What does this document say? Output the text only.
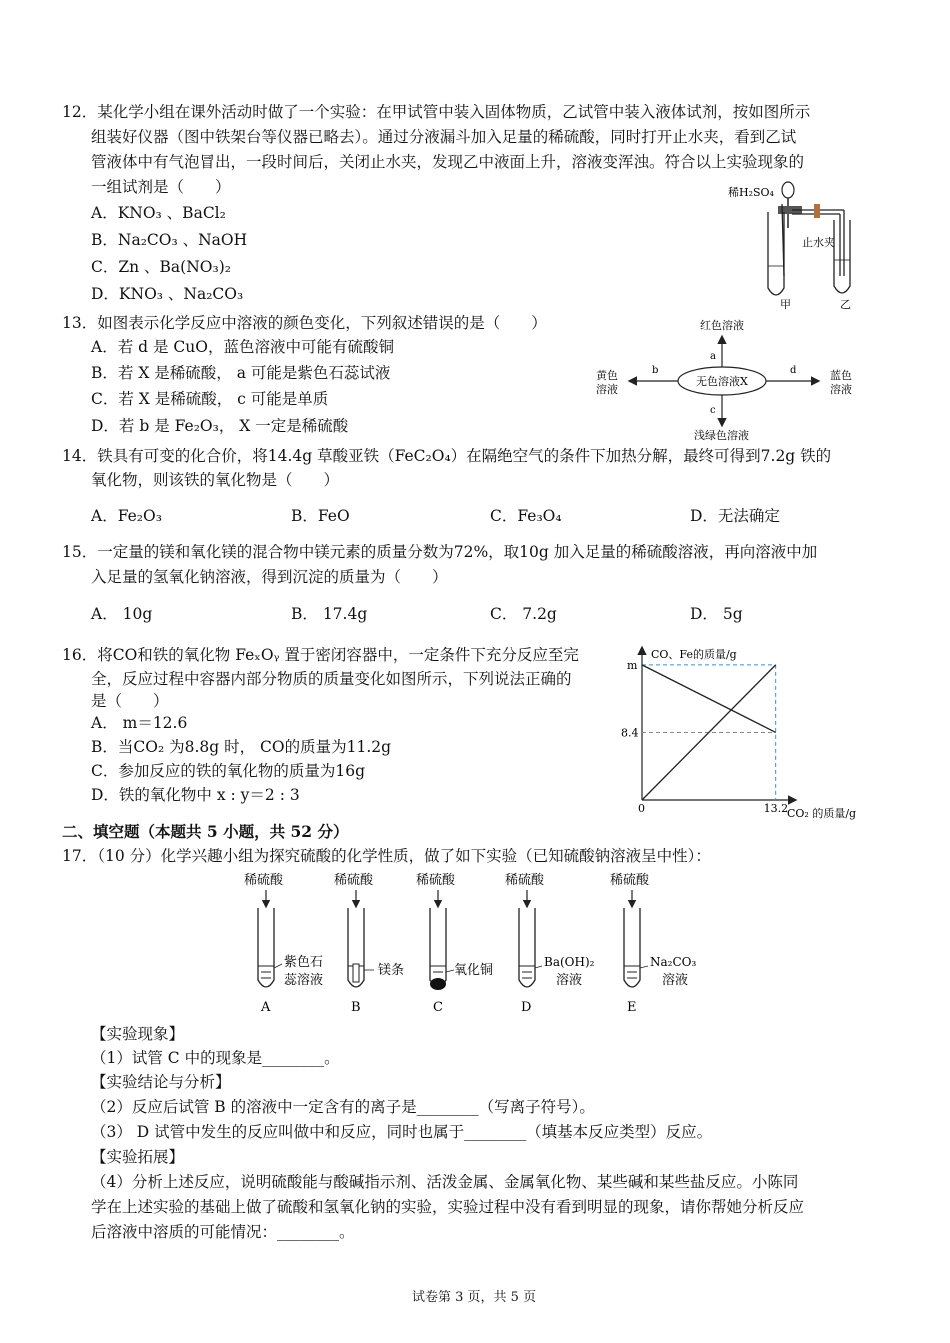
12．某化学小组在课外活动时做了一个实验：在甲试管中装入固体物质，乙试管中装入液体试剂，按如图所示
组装好仪器（图中铁架台等仪器已略去）。通过分液漏斗加入足量的稀硫酸，同时打开止水夹，看到乙试
管液体中有气泡冒出，一段时间后，关闭止水夹，发现乙中液面上升，溶液变浑浊。符合以上实验现象的
一组试剂是（　　）
A．KNO₃ 、BaCl₂
B．Na₂CO₃ 、NaOH
C．Zn 、Ba(NO₃)₂
D．KNO₃ 、Na₂CO₃
稀H₂SO₄
止水夹
甲	乙
13．如图表示化学反应中溶液的颜色变化，下列叙述错误的是（　　）
A．若 d 是 CuO，蓝色溶液中可能有硫酸铜
B．若 X 是稀硫酸， a 可能是紫色石蕊试液
C．若 X 是稀硫酸， c 可能是单质
D．若 b 是 Fe₂O₃， X 一定是稀硫酸
红色溶液
无色溶液X
a
b
黄色
溶液
d	蓝色
溶液
c
浅绿色溶液
14．铁具有可变的化合价，将14.4g 草酸亚铁（FeC₂O₄）在隔绝空气的条件下加热分解，最终可得到7.2g 铁的
氧化物，则该铁的氧化物是（　　）
A．Fe₂O₃	B．FeO	C．Fe₃O₄	D．无法确定
15．一定量的镁和氧化镁的混合物中镁元素的质量分数为72%，取10g 加入足量的稀硫酸溶液，再向溶液中加
入足量的氢氧化钠溶液，得到沉淀的质量为（　　）
A． 10g	B． 17.4g	C． 7.2g	D． 5g
16．将CO和铁的氧化物 FeₓOᵧ 置于密闭容器中，一定条件下充分反应至完
全，反应过程中容器内部分物质的质量变化如图所示，下列说法正确的
是（　　）
A． m＝12.6
B．当CO₂ 为8.8g 时， CO的质量为11.2g
C．参加反应的铁的氧化物的质量为16g
D．铁的氧化物中 x : y＝2 : 3
CO、Fe的质量/g
CO₂ 的质量/g
0	13.2
8.4
m
二、填空题（本题共 5 小题，共 52 分）
17．（10 分）化学兴趣小组为探究硫酸的化学性质，做了如下实验（已知硫酸钠溶液呈中性）：
稀硫酸
紫色石
蕊溶液
A
稀硫酸
镁条
B
稀硫酸
氧化铜
C
稀硫酸
Ba(OH)₂
溶液
D
稀硫酸
Na₂CO₃
溶液
E
【实验现象】
（1）试管 C 中的现象是________。
【实验结论与分析】
（2）反应后试管 B 的溶液中一定含有的离子是________（写离子符号）。
（3） D 试管中发生的反应叫做中和反应，同时也属于________（填基本反应类型）反应。
【实验拓展】
（4）分析上述反应，说明硫酸能与酸碱指示剂、活泼金属、金属氧化物、某些碱和某些盐反应。小陈同
学在上述实验的基础上做了硫酸和氢氧化钠的实验，实验过程中没有看到明显的现象，请你帮她分析反应
后溶液中溶质的可能情况：________。
试卷第 3 页，共 5 页
